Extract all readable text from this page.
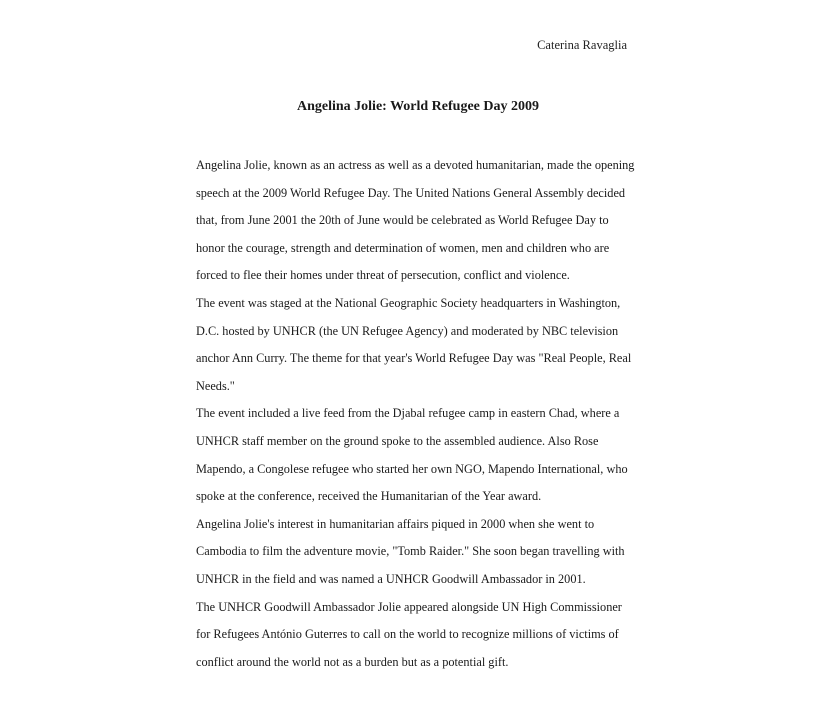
Caterina Ravaglia
Angelina Jolie: World Refugee Day 2009
Angelina Jolie, known as an actress as well as a devoted humanitarian, made the opening
speech at the 2009 World Refugee Day. The United Nations General Assembly decided
that, from June 2001 the 20th of June would be celebrated as World Refugee Day to
honor the courage, strength and determination of women, men and children who are
forced to flee their homes under threat of persecution, conflict and violence.
The event was staged at the National Geographic Society headquarters in Washington,
D.C. hosted by UNHCR (the UN Refugee Agency) and moderated by NBC television
anchor Ann Curry. The theme for that year's World Refugee Day was "Real People, Real
Needs."
The event included a live feed from the Djabal refugee camp in eastern Chad, where a
UNHCR staff member on the ground spoke to the assembled audience. Also Rose
Mapendo, a Congolese refugee who started her own NGO, Mapendo International, who
spoke at the conference, received the Humanitarian of the Year award.
Angelina Jolie's interest in humanitarian affairs piqued in 2000 when she went to
Cambodia to film the adventure movie, "Tomb Raider." She soon began travelling with
UNHCR in the field and was named a UNHCR Goodwill Ambassador in 2001.
The UNHCR Goodwill Ambassador Jolie appeared alongside UN High Commissioner
for Refugees António Guterres to call on the world to recognize millions of victims of
conflict around the world not as a burden but as a potential gift.
